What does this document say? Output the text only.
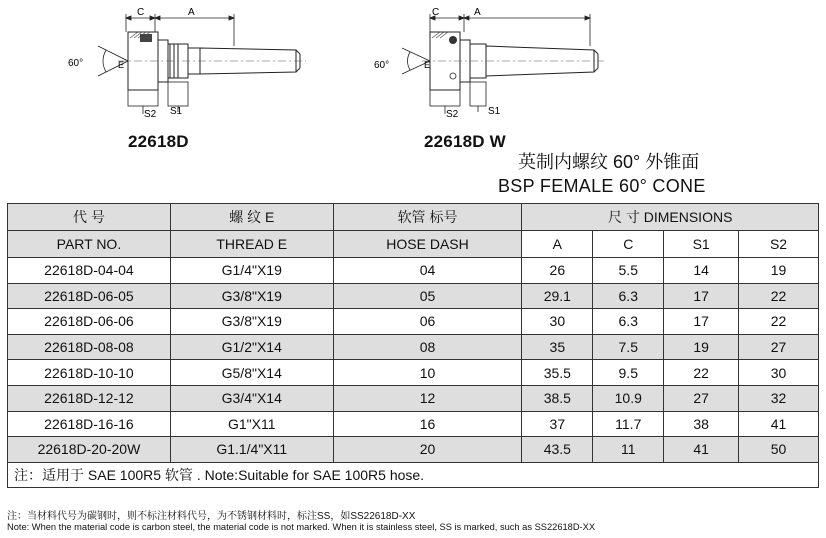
60°
C	A
E
S2 S1
60°
C	A
E
S2	S1
22618D	22618D W
英制内螺纹 60° 外锥面
BSP FEMALE 60° CONE
代 号	螺 纹 E	软管 标号	尺 寸 DIMENSIONS			
PART NO.	THREAD E	HOSE DASH	A	C	S1	S2
22618D-04-04	G1/4"X19	04	26	5.5	14	19
22618D-06-05	G3/8"X19	05	29.1	6.3	17	22
22618D-06-06	G3/8"X19	06	30	6.3	17	22
22618D-08-08	G1/2"X14	08	35	7.5	19	27
22618D-10-10	G5/8"X14	10	35.5	9.5	22	30
22618D-12-12	G3/4"X14	12	38.5	10.9	27	32
22618D-16-16	G1"X11	16	37	11.7	38	41
22618D-20-20W	G1.1/4"X11	20	43.5	11	41	50
注：适用于 SAE 100R5 软管 . Note:Suitable for SAE 100R5 hose.						
注：当材料代号为碳钢时，则不标注材料代号，为不锈钢材料时，标注SS，如SS22618D-XX
Note: When the material code is carbon steel, the material code is not marked. When it is stainless steel, SS is marked, such as SS22618D-XX
